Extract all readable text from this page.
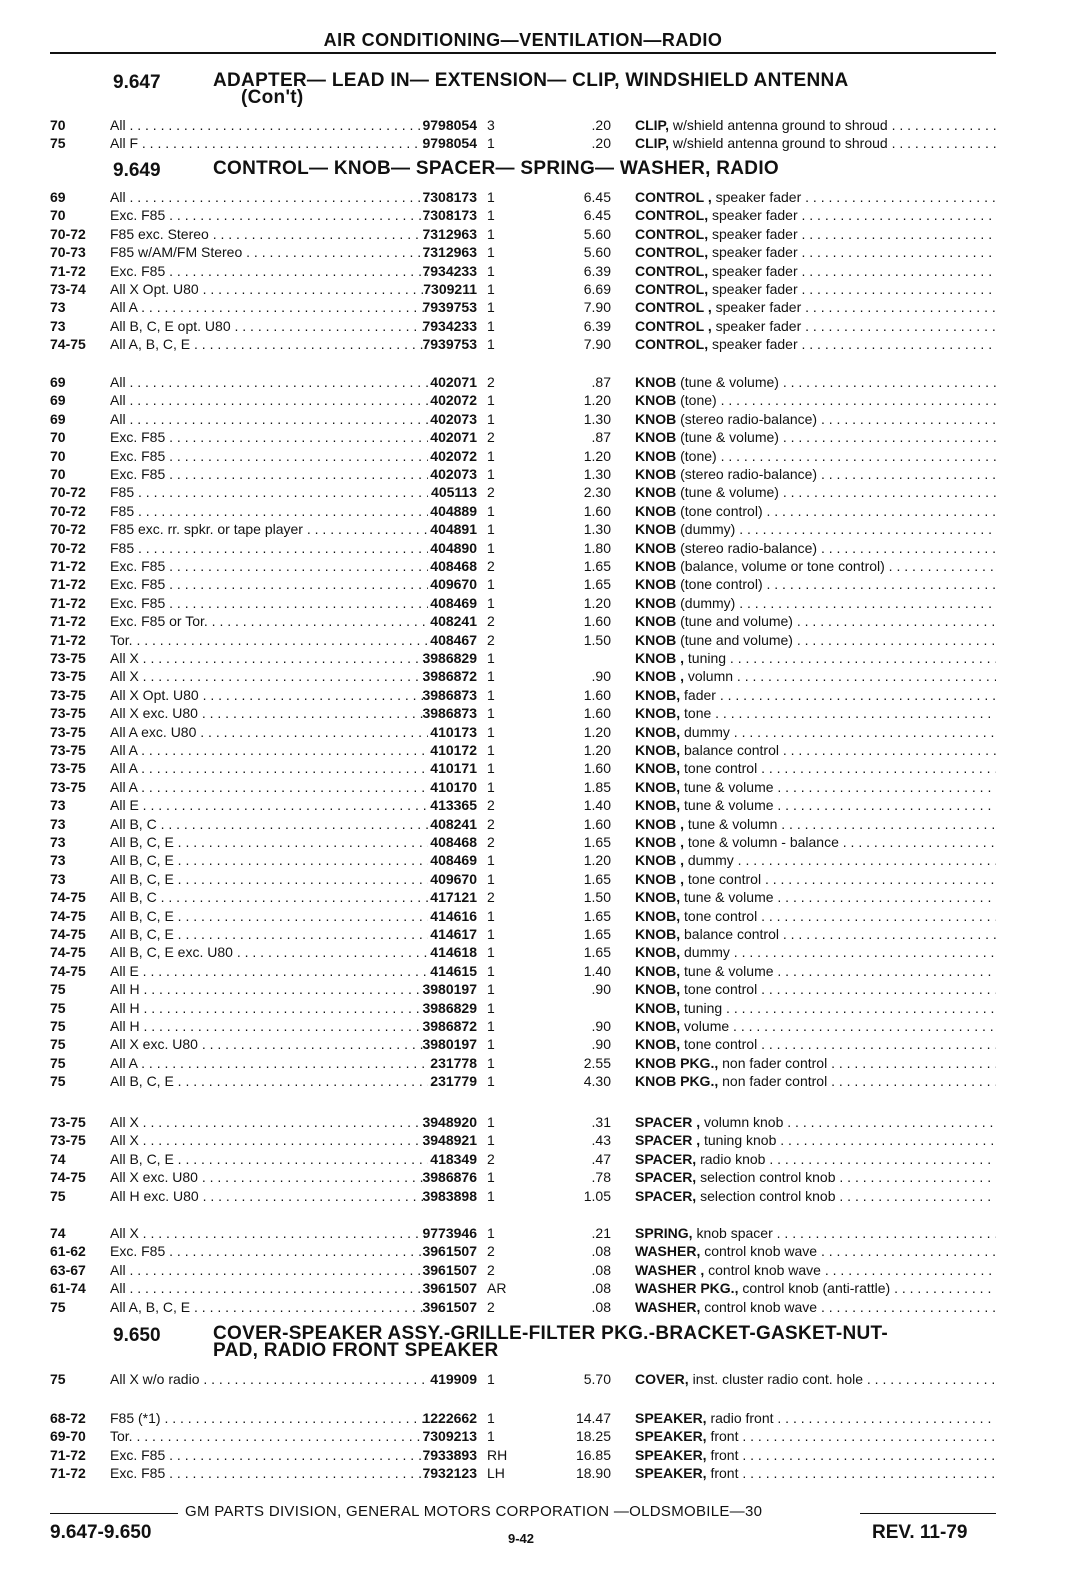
AIR CONDITIONING—VENTILATION—RADIO
9.647	ADAPTER— LEAD IN— EXTENSION— CLIP, WINDSHIELD ANTENNA
(Con't)
70	All . . .	9798054 3	.20 CLIP, w/shield antenna ground to shroud . . .
75	All F . . .	9798054 1	.20 CLIP, w/shield antenna ground to shroud . . .
9.649	CONTROL— KNOB— SPACER— SPRING— WASHER, RADIO
69	All . . .	7308173 1	6.45 CONTROL , speaker fader . . .
70	Exc. F85 . . .	7308173 1	6.45 CONTROL, speaker fader . . .
70-72	F85 exc. Stereo . . .	7312963 1	5.60 CONTROL, speaker fader . . .
70-73	F85 w/AM/FM Stereo . . .	7312963 1	5.60 CONTROL, speaker fader . . .
71-72	Exc. F85 . . .	7934233 1	6.39 CONTROL, speaker fader . . .
73-74	All X Opt. U80 . . .	7309211 1	6.69 CONTROL, speaker fader . . .
73	All A . . .	7939753 1	7.90 CONTROL , speaker fader . . .
73	All B, C, E opt. U80 . . .	7934233 1	6.39 CONTROL , speaker fader . . .
74-75	All A, B, C, E . . .	7939753 1	7.90 CONTROL, speaker fader . . .
69	All . . .	402071 2	.87 KNOB (tune & volume) . . .
69	All . . .	402072 1	1.20 KNOB (tone) . . .
69	All . . .	402073 1	1.30 KNOB (stereo radio-balance) . . .
70	Exc. F85 . . .	402071 2	.87 KNOB (tune & volume) . . .
70	Exc. F85 . . .	402072 1	1.20 KNOB (tone) . . .
70	Exc. F85 . . .	402073 1	1.30 KNOB (stereo radio-balance) . . .
70-72	F85 . . .	405113 2	2.30 KNOB (tune & volume) . . .
70-72	F85 . . .	404889 1	1.60 KNOB (tone control) . . .
70-72	F85 exc. rr. spkr. or tape player . . .	404891 1	1.30 KNOB (dummy) . . .
70-72	F85 . . .	404890 1	1.80 KNOB (stereo radio-balance) . . .
71-72	Exc. F85 . . .	408468 2	1.65 KNOB (balance, volume or tone control) . . .
71-72	Exc. F85 . . .	409670 1	1.65 KNOB (tone control) . . .
71-72	Exc. F85 . . .	408469 1	1.20 KNOB (dummy) . . .
71-72	Exc. F85 or Tor. . . .	408241 2	1.60 KNOB (tune and volume) . . .
71-72	Tor. . . .	408467 2	1.50 KNOB (tune and volume) . . .
73-75	All X . . .	3986829 1	KNOB , tuning . . .
73-75	All X . . .	3986872 1	.90 KNOB , volumn . . .
73-75	All X Opt. U80 . . .	3986873 1	1.60 KNOB, fader . . .
73-75	All X exc. U80 . . .	3986873 1	1.60 KNOB, tone . . .
73-75	All A exc. U80 . . .	410173 1	1.20 KNOB, dummy . . .
73-75	All A . . .	410172 1	1.20 KNOB, balance control . . .
73-75	All A . . .	410171 1	1.60 KNOB, tone control . . .
73-75	All A . . .	410170 1	1.85 KNOB, tune & volume . . .
73	All E . . .	413365 2	1.40 KNOB, tune & volume . . .
73	All B, C . . .	408241 2	1.60 KNOB , tune & volumn . . .
73	All B, C, E . . .	408468 2	1.65 KNOB , tone & volumn - balance . . .
73	All B, C, E . . .	408469 1	1.20 KNOB , dummy . . .
73	All B, C, E . . .	409670 1	1.65 KNOB , tone control . . .
74-75	All B, C . . .	417121 2	1.50 KNOB, tune & volume . . .
74-75	All B, C, E . . .	414616 1	1.65 KNOB, tone control . . .
74-75	All B, C, E . . .	414617 1	1.65 KNOB, balance control . . .
74-75	All B, C, E exc. U80 . . .	414618 1	1.65 KNOB, dummy . . .
74-75	All E . . .	414615 1	1.40 KNOB, tune & volume . . .
75	All H . . .	3980197 1	.90 KNOB, tone control . . .
75	All H . . .	3986829 1	KNOB, tuning . . .
75	All H . . .	3986872 1	.90 KNOB, volume . . .
75	All X exc. U80 . . .	3980197 1	.90 KNOB, tone control . . .
75	All A . . .	231778 1	2.55 KNOB PKG., non fader control . . .
75	All B, C, E . . .	231779 1	4.30 KNOB PKG., non fader control . . .
73-75	All X . . .	3948920 1	.31 SPACER , volumn knob . . .
73-75	All X . . .	3948921 1	.43 SPACER , tuning knob . . .
74	All B, C, E . . .	418349 2	.47 SPACER, radio knob . . .
74-75	All X exc. U80 . . .	3986876 1	.78 SPACER, selection control knob . . .
75	All H exc. U80 . . .	3983898 1	1.05 SPACER, selection control knob . . .
74	All X . . .	9773946 1	.21 SPRING, knob spacer . . .
61-62	Exc. F85 . . .	3961507 2	.08 WASHER, control knob wave . . .
63-67	All . . .	3961507 2	.08 WASHER , control knob wave . . .
61-74	All . . .	3961507 AR	.08 WASHER PKG., control knob (anti-rattle) . . .
75	All A, B, C, E . . .	3961507 2	.08 WASHER, control knob wave . . .
9.650	COVER-SPEAKER ASSY.-GRILLE-FILTER PKG.-BRACKET-GASKET-NUT-
PAD, RADIO FRONT SPEAKER
75	All X w/o radio . . .	419909 1	5.70 COVER, inst. cluster radio cont. hole . . .
68-72	F85 (*1) . . .	1222662 1	14.47 SPEAKER, radio front . . .
69-70	Tor. . . .	7309213 1	18.25 SPEAKER, front . . .
71-72	Exc. F85 . . .	7933893 RH	16.85 SPEAKER, front . . .
71-72	Exc. F85 . . .	7932123 LH	18.90 SPEAKER, front . . .
GM PARTS DIVISION, GENERAL MOTORS CORPORATION —OLDSMOBILE—30
9.647-9.650	9-42	REV. 11-79
